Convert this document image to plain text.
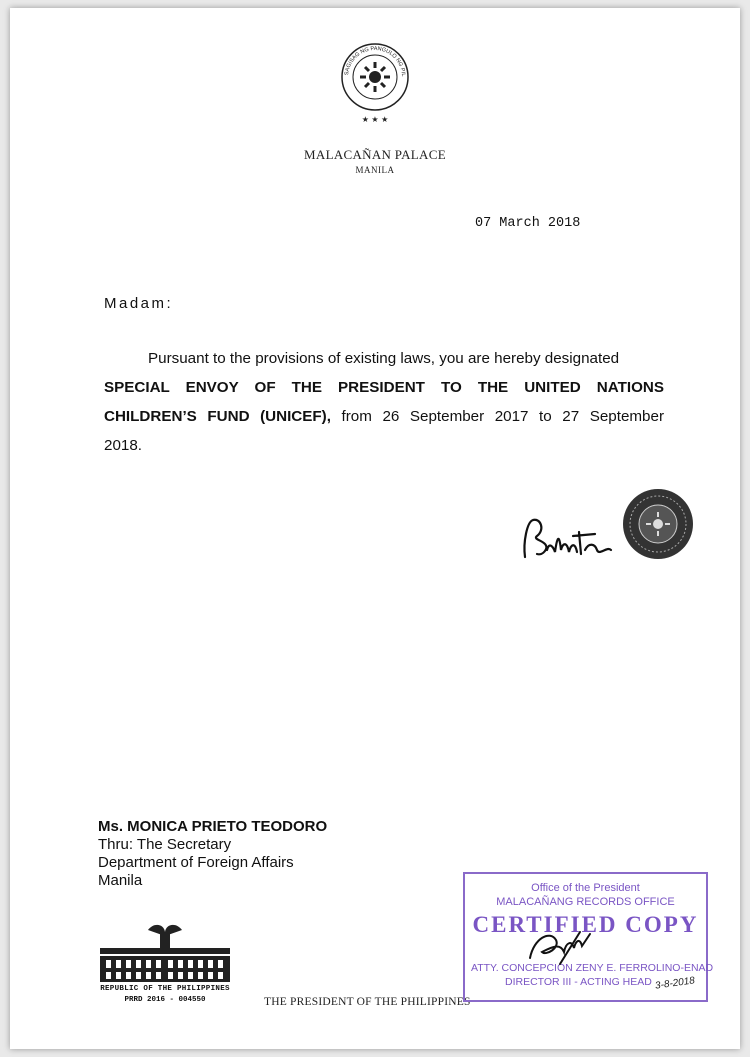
★ ★ ★
SAGISAG NG PANGULO NG PIL
MALACAÑAN PALACE
MANILA
07 March 2018
Madam:
Pursuant to the provisions of existing laws, you are hereby designated
SPECIAL ENVOY OF THE PRESIDENT TO THE UNITED NATIONS
CHILDREN’S FUND (UNICEF), from 26 September 2017 to 27 September
2018.
Ms. MONICA PRIETO TEODORO
Thru: The Secretary
Department of Foreign Affairs
Manila
REPUBLIC OF THE PHILIPPINES
PRRD 2016 - 004550	THE PRESIDENT OF THE PHILIPPINES
Office of the President
MALACAÑANG RECORDS OFFICE
CERTIFIED COPY
ATTY. CONCEPCION ZENY E. FERROLINO-ENAD
DIRECTOR III - ACTING HEAD 3-8-2018
